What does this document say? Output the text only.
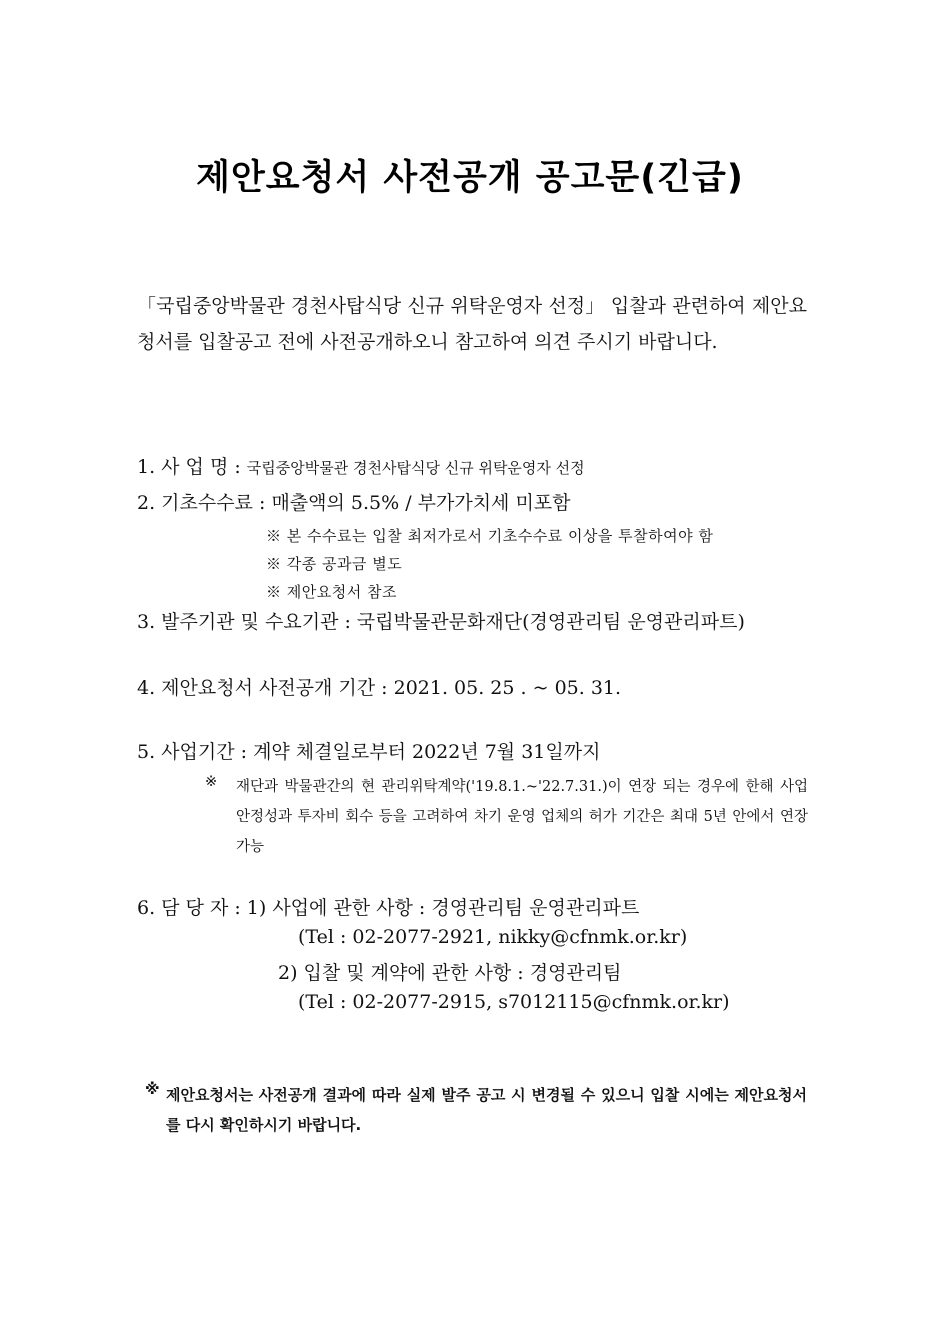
제안요청서 사전공개 공고문(긴급)
「국립중앙박물관 경천사탑식당 신규 위탁운영자 선정」 입찰과 관련하여 제안요청서를 입찰공고 전에 사전공개하오니 참고하여 의견 주시기 바랍니다.
1. 사 업 명 : 국립중앙박물관 경천사탑식당 신규 위탁운영자 선정
2. 기초수수료 : 매출액의 5.5% / 부가가치세 미포함
※ 본 수수료는 입찰 최저가로서 기초수수료 이상을 투찰하여야 함
※ 각종 공과금 별도
※ 제안요청서 참조
3. 발주기관 및 수요기관 : 국립박물관문화재단(경영관리팀 운영관리파트)
4. 제안요청서 사전공개 기간 : 2021. 05. 25 . ~ 05. 31.
5. 사업기간 : 계약 체결일로부터 2022년 7월 31일까지
※ 재단과 박물관간의 현 관리위탁계약('19.8.1.~'22.7.31.)이 연장 되는 경우에 한해 사업 안정성과 투자비 회수 등을 고려하여 차기 운영 업체의 허가 기간은 최대 5년 안에서 연장 가능
6. 담 당 자 : 1) 사업에 관한 사항 : 경영관리팀 운영관리파트
(Tel : 02-2077-2921, nikky@cfnmk.or.kr)
2) 입찰 및 계약에 관한 사항 : 경영관리팀
(Tel : 02-2077-2915, s7012115@cfnmk.or.kr)
※ 제안요청서는 사전공개 결과에 따라 실제 발주 공고 시 변경될 수 있으니 입찰 시에는 제안요청서를 다시 확인하시기 바랍니다.
